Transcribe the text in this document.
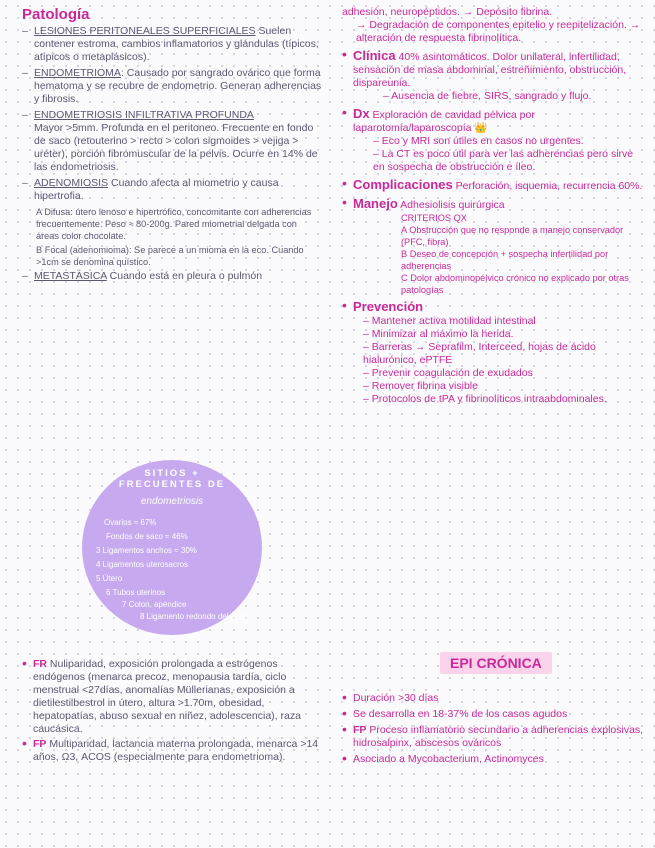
Patología
– LESIONES PERITONEALES SUPERFICIALES Suelen contener estroma, cambios inflamatorios y glándulas (típicos, atípicos o metaplásicos).
– ENDOMETRIOMA: Causado por sangrado ovárico que forma hematoma y se recubre de endometrio. Generan adherencias y fibrosis.
– ENDOMETRIOSIS INFILTRATIVA PROFUNDA
Mayor >5mm. Profunda en el peritoneo. Frecuente en fondo de saco (retouterino > recto > colon sigmoides > vejiga > uréter), porción fibromuscular de la pelvis. Ocurre en 14% de las endometriosis.
– ADENOMIOSIS Cuando afecta al miometrio y causa hipertrofia.
A Difusa: útero lenoso e hipertrófico, concomitante con adherencias frecuentemente. Peso ≈ 80-200g. Pared miometrial delgada con áreas color chocolate.
B Focal (adenomioma): Se parece a un mioma en la eco. Cuando >1cm se denomina quístico.
– METASTÁSICA Cuando está en pleura o pulmón
SITIOS +
FRECUENTES DE
endometriosis
Ovarios ≈ 67%
Fondos de saco ≈ 46%
3 Ligamentos anchos ≈ 30%
4 Ligamentos uterosacros
5 Útero
6 Tubos uterinos
7 Colon, apéndice
8 Ligamento redondo del útero
• FR Nuliparidad, exposición prolongada a estrógenos endógenos (menarca precoz, menopausia tardía, ciclo menstrual <27días, anomalías Müllerianas, exposición a dietilestilbestrol in útero, altura >1.70m, obesidad, hepatopatías, abuso sexual en niñez, adolescencia), raza caucásica.
• FP Multiparidad, lactancia materna prolongada, menarca >14 años, Ω3, ACOS (especialmente para endometrioma).
adhesión, neuropéptidos. → Depósito fibrina.
→ Degradación de componentes epitelio y reepitelización. → alteración de respuesta fibrinolítica.
• Clínica 40% asintomáticos. Dolor unilateral, infertilidad, sensación de masa abdominal, estreñimiento, obstrucción, dispareunia.
– Ausencia de fiebre, SIRS, sangrado y flujo.
• Dx Exploración de cavidad pélvica por laparotomía/laparoscopía 👑
– Eco y MRI son útiles en casos no urgentes.
– La CT es poco útil para ver las adherencias pero sirve en sospecha de obstrucción e íleo.
• Complicaciones Perforación, isquemia, recurrencia 60%.
• Manejo Adhesiolisis quirúrgica
CRITERIOS QX
A Obstrucción que no responde a manejo conservador (PFC, fibra)
B Deseo de concepción + sospecha infertilidad por adherencias
C Dolor abdominopélvico crónico no explicado por otras patologías
• Prevención
– Mantener activa motilidad intestinal
– Minimizar al máximo la herida.
– Barreras → Seprafilm, Interceed, hojas de ácido hialurónico, ePTFE
– Prevenir coagulación de exudados
– Remover fibrina visible
– Protocolos de tPA y fibrinolíticos intraabdominales.
EPI CRÓNICA
• Duración >30 días
• Se desarrolla en 18-37% de los casos agudos
• FP Proceso inflamatorio secundario a adherencias explosivas, hidrosalpinx, abscesos ováricos
• Asociado a Mycobacterium, Actinomyces
